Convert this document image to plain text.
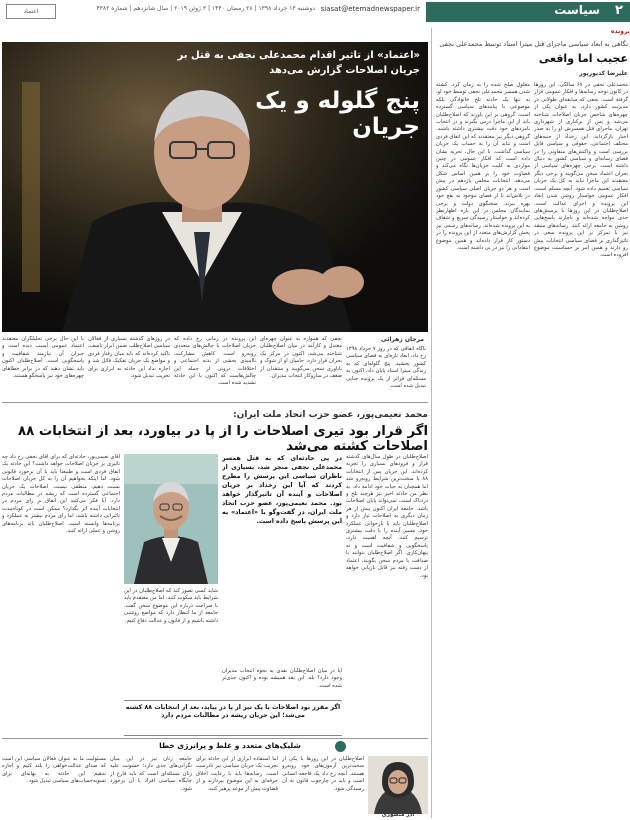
۲
سیاست
siasat@etemadnewspaper.ir
دوشنبه ۱۳ خرداد ۱۳۹۸ | ۲۸ رمضان ۱۴۴۰ | ۳ ژوئن ۲۰۱۹ | سال شانزدهم | شماره ۴۳۸۲
اعتماد
پرونده
نگاهی به ابعاد سیاسی ماجرای قتل میترا استاد توسط محمدعلی نجفی
عجیب اما واقعی
علیرضا کدیورپور
محمدعلی نجفی در ۶۷ سالگی، این روزها در کانون توجه رسانه‌ها و افکار عمومی قرار گرفته است. نجفی که سابقه‌ای طولانی در مدیریت کشور دارد، به عنوان یکی از چهره‌های شاخص جریان اصلاحات شناخته می‌شد و پس از برکناری از شهرداری تهران، ماجرای قتل همسرش او را به صدر اخبار بازگرداند. این رخداد از جنبه‌های مختلف اجتماعی، حقوقی و سیاسی قابل بررسی است و واکنش‌های متفاوتی را در فضای رسانه‌ای و سیاسی کشور به دنبال داشته است. برخی چهره‌های سیاسی از بحران اعتماد سخن می‌گویند و برخی دیگر معتقدند این ماجرا نباید به کل یک جریان سیاسی تعمیم داده شود. آنچه مسلم است، افکار عمومی خواستار روشن شدن ابعاد این پرونده و اجرای عدالت است. اصلاح‌طلبان در این روزها با پرسش‌های جدی مواجه شده‌اند و ناچارند پاسخ‌هایی روشن به جامعه ارائه کنند. رسانه‌های منتقد نیز با تمرکز بر این پرونده سعی در تاثیرگذاری بر فضای سیاسی انتخابات پیش رو دارند و همین امر بر حساسیت موضوع افزوده است.
معلول صلح شده را به زمان کرد. کشته شدن همسر محمدعلی نجفی توسط خود او، نه تنها یک حادثه تلخ خانوادگی بلکه موضوعی با پیامدهای سیاسی گسترده است. گروهی بر این باورند که اصلاح‌طلبان باید از این ماجرا درس بگیرند و در انتخاب نامزدهای خود دقت بیشتری داشته باشند. گروهی دیگر نیز معتقدند که این اتفاق فردی است و نباید آن را به حساب یک جریان سیاسی گذاشت. با این حال، تجربه نشان داده است که افکار عمومی در چنین مواردی به کلیت جریان‌ها نگاه می‌کند و قضاوت خود را بر همین اساس شکل می‌دهد. انتخابات مجلس یازدهم در پیش است و هر دو جریان اصلی سیاسی کشور در تلاش‌اند تا از فضای موجود به نفع خود بهره ببرند. سخنگوی دولت و برخی نمایندگان مجلس در این باره اظهارنظر کرده‌اند و خواستار رسیدگی سریع و شفاف به این پرونده شده‌اند. رسانه‌های رسمی نیز پخش گزارش‌های متعدد از این پرونده را در دستور کار قرار داده‌اند و همین موضوع انتقاداتی را نیز در پی داشته است.
«اعتماد» از تاثیر اقدام محمدعلی نجفی به قتل بر جریان اصلاحات گزارش می‌دهد
پنج گلوله و یک جریان
مرجان زهرائی
ناگاه اتفاقی که در روز ۷ خرداد ۱۳۹۸ رخ داد، ابعاد تازه‌ای به فضای سیاسی کشور بخشید. پنج گلوله‌ای که به زندگی میترا استاد پایان داد، اکنون به مسئله‌ای فراتر از یک پرونده جنایی تبدیل شده است.
نجفی که همواره به عنوان چهره‌ای معتدل و کارآمد در میان اصلاح‌طلبان شناخته می‌شد، اکنون در مرکز یک بحران قرار دارد. حامیان او از شوک و ناباوری سخن می‌گویند و منتقدان از ضعف در سازوکار انتخاب مدیران.
این پرونده در زمانی رخ داده که جریان اصلاحات با چالش‌های متعددی روبه‌رو است. کاهش مشارکت، ناامیدی بخشی از بدنه اجتماعی و اختلافات درونی از جمله این چالش‌هاست که اکنون با این حادثه تشدید شده است.
در روزهای گذشته بسیاری از فعالان سیاسی اصلاح‌طلب ضمن ابراز تاسف، تاکید کرده‌اند که باید میان رفتار فردی و مواضع یک جریان تفکیک قائل شد و اجازه نداد این حادثه به ابزاری برای تخریب تبدیل شود.
با این حال برخی تحلیلگران معتقدند اعتماد عمومی آسیب دیده است و جبران آن نیازمند شفافیت و پاسخگویی است. اصلاح‌طلبان اکنون باید نشان دهند که در برابر خطاهای چهره‌های خود نیز پاسخگو هستند.
محمد نعیمی‌پور، عضو حزب اتحاد ملت ایران:
اگر قرار بود تیری اصلاحات را از پا در بیاورد، بعد از انتخابات ۸۸ اصلاحات کشته می‌شد
در پی حادثه‌ای که به قتل همسر محمدعلی نجفی منجر شد، بسیاری از ناظران سیاسی این پرسش را مطرح کردند که آیا این رخداد بر جریان اصلاحات و آینده آن تاثیرگذار خواهد بود. محمد نعیمی‌پور، عضو حزب اتحاد ملت ایران، در گفت‌وگو با «اعتماد» به این پرسش پاسخ داده است.
اصلاح‌طلبان در طول سال‌های گذشته فراز و فرودهای بسیاری را تجربه کرده‌اند. این جریان پس از انتخابات ۸۸ با سخت‌ترین شرایط روبه‌رو شد اما همچنان به حیات خود ادامه داد. به نظر من حادثه اخیر نیز هرچند تلخ و دردناک است، نمی‌تواند پایان اصلاحات باشد. جامعه ایران اکنون بیش از هر زمان دیگری به اصلاحات نیاز دارد و اصلاح‌طلبان باید با بازخوانی عملکرد خود، مسیر آینده را با دقت بیشتری ترسیم کنند. آنچه اهمیت دارد، پاسخگویی و شفافیت است و نه پنهان‌کاری. اگر اصلاح‌طلبان بتوانند با صداقت با مردم سخن بگویند، اعتماد از دست رفته نیز قابل بازیابی خواهد بود.
آقای نعیمی‌پور، حادثه‌ای که برای آقای نجفی رخ داد چه تاثیری بر جریان اصلاحات خواهد داشت؟ این حادثه یک اتفاق فردی است و طبیعتا باید با آن برخورد قانونی شود. اما اینکه بخواهیم آن را به کل جریان اصلاحات نسبت دهیم، منطقی نیست. اصلاحات یک جریان اجتماعی گسترده است که ریشه در مطالبات مردم دارد. آیا فکر می‌کنید این اتفاق بر رای مردم در انتخابات آینده اثر بگذارد؟ ممکن است در کوتاه‌مدت تاثیراتی داشته باشد، اما رای مردم بیشتر به عملکرد و برنامه‌ها وابسته است. اصلاح‌طلبان باید برنامه‌های روشن و عملی ارائه کنند.
شاید کسی تصور کند که اصلاح‌طلبان در این شرایط باید سکوت کنند، اما من معتقدم باید با صراحت درباره این موضوع سخن گفت. جامعه از ما انتظار دارد که مواضع روشنی داشته باشیم و از قانون و عدالت دفاع کنیم.
آیا در میان اصلاح‌طلبان نقدی به نحوه انتخاب مدیران وجود دارد؟ بله، این نقد همیشه بوده و اکنون جدی‌تر شده است.
اگر مقرر بود اصلاحات با یک تیر از پا در بیاید، بعد از انتخابات ۸۸ کشته می‌شد؛ این جریان ریشه در مطالبات مردم دارد
شلیک‌های متعدد و غلط و پرانرژی خطا
آذر منصوری
اصلاح‌طلبان در این روزها با یکی از سخت‌ترین آزمون‌های خود روبه‌رو هستند. آنچه رخ داد یک فاجعه انسانی است و باید در چارچوب قانون به آن رسیدگی شود.
اما استفاده ابزاری از این حادثه برای تخریب یک جریان سیاسی نیز نادرست است. رسانه‌ها باید با رعایت اخلاق حرفه‌ای به این موضوع بپردازند و از قضاوت پیش از موعد پرهیز کنند.
جامعه زنان نیز در این میان نگرانی‌های جدی دارد؛ خشونت علیه زنان مسئله‌ای است که باید فارغ از جایگاه سیاسی افراد با آن برخورد شود.
مسئولیت ما به عنوان فعالان سیاسی این است که صدای عدالت‌خواهی را بلند کنیم و اجازه ندهیم این حادثه به بهانه‌ای برای تسویه‌حساب‌های سیاسی تبدیل شود.
